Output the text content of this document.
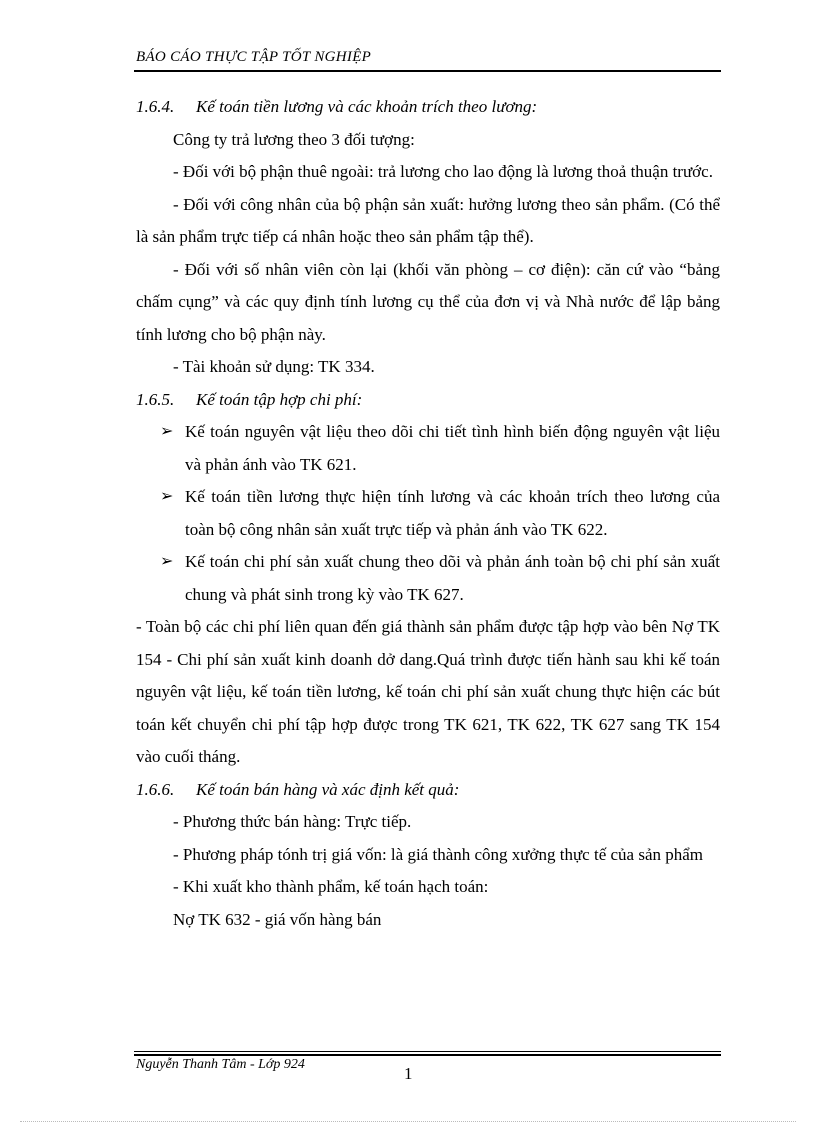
BÁO CÁO THỰC TẬP TỐT NGHIỆP

1.6.4. Kế toán tiền lương và các khoản trích theo lương:

Công ty trả lương theo 3 đối tượng:

- Đối với bộ phận thuê ngoài: trả lương cho lao động là lương thoả thuận trước.

- Đối với công nhân của bộ phận sản xuất: hưởng lương theo sản phẩm. (Có thể là sản phẩm trực tiếp cá nhân hoặc theo sản phẩm tập thể).

- Đối với số nhân viên còn lại (khối văn phòng – cơ điện): căn cứ vào “bảng chấm cụng” và các quy định tính lương cụ thể của đơn vị và Nhà nước để lập bảng tính lương cho bộ phận này.

- Tài khoản sử dụng: TK 334.

1.6.5. Kế toán tập hợp chi phí:

➢ Kế toán nguyên vật liệu theo dõi chi tiết tình hình biến động nguyên vật liệu và phản ánh vào TK 621.

➢ Kế toán tiền lương thực hiện tính lương và các khoản trích theo lương của toàn bộ công nhân sản xuất trực tiếp và phản ánh vào TK 622.

➢ Kế toán chi phí sản xuất chung theo dõi và phản ánh toàn bộ chi phí sản xuất chung và phát sinh trong kỳ vào TK 627.

- Toàn bộ các chi phí liên quan đến giá thành sản phẩm được tập hợp vào bên Nợ TK 154 - Chi phí sản xuất kinh doanh dở dang.Quá trình được tiến hành sau khi kế toán nguyên vật liệu, kế toán tiền lương, kế toán chi phí sản xuất chung thực hiện các bút toán kết chuyển chi phí tập hợp được trong TK 621, TK 622, TK 627 sang TK 154 vào cuối tháng.

1.6.6. Kế toán bán hàng và xác định kết quả:

- Phương thức bán hàng: Trực tiếp.

- Phương pháp tónh trị giá vốn: là giá thành công xưởng thực tế của sản phẩm

- Khi xuất kho thành phẩm, kế toán hạch toán:

Nợ TK 632 - giá vốn hàng bán

Nguyễn Thanh Tâm - Lớp 924	1
